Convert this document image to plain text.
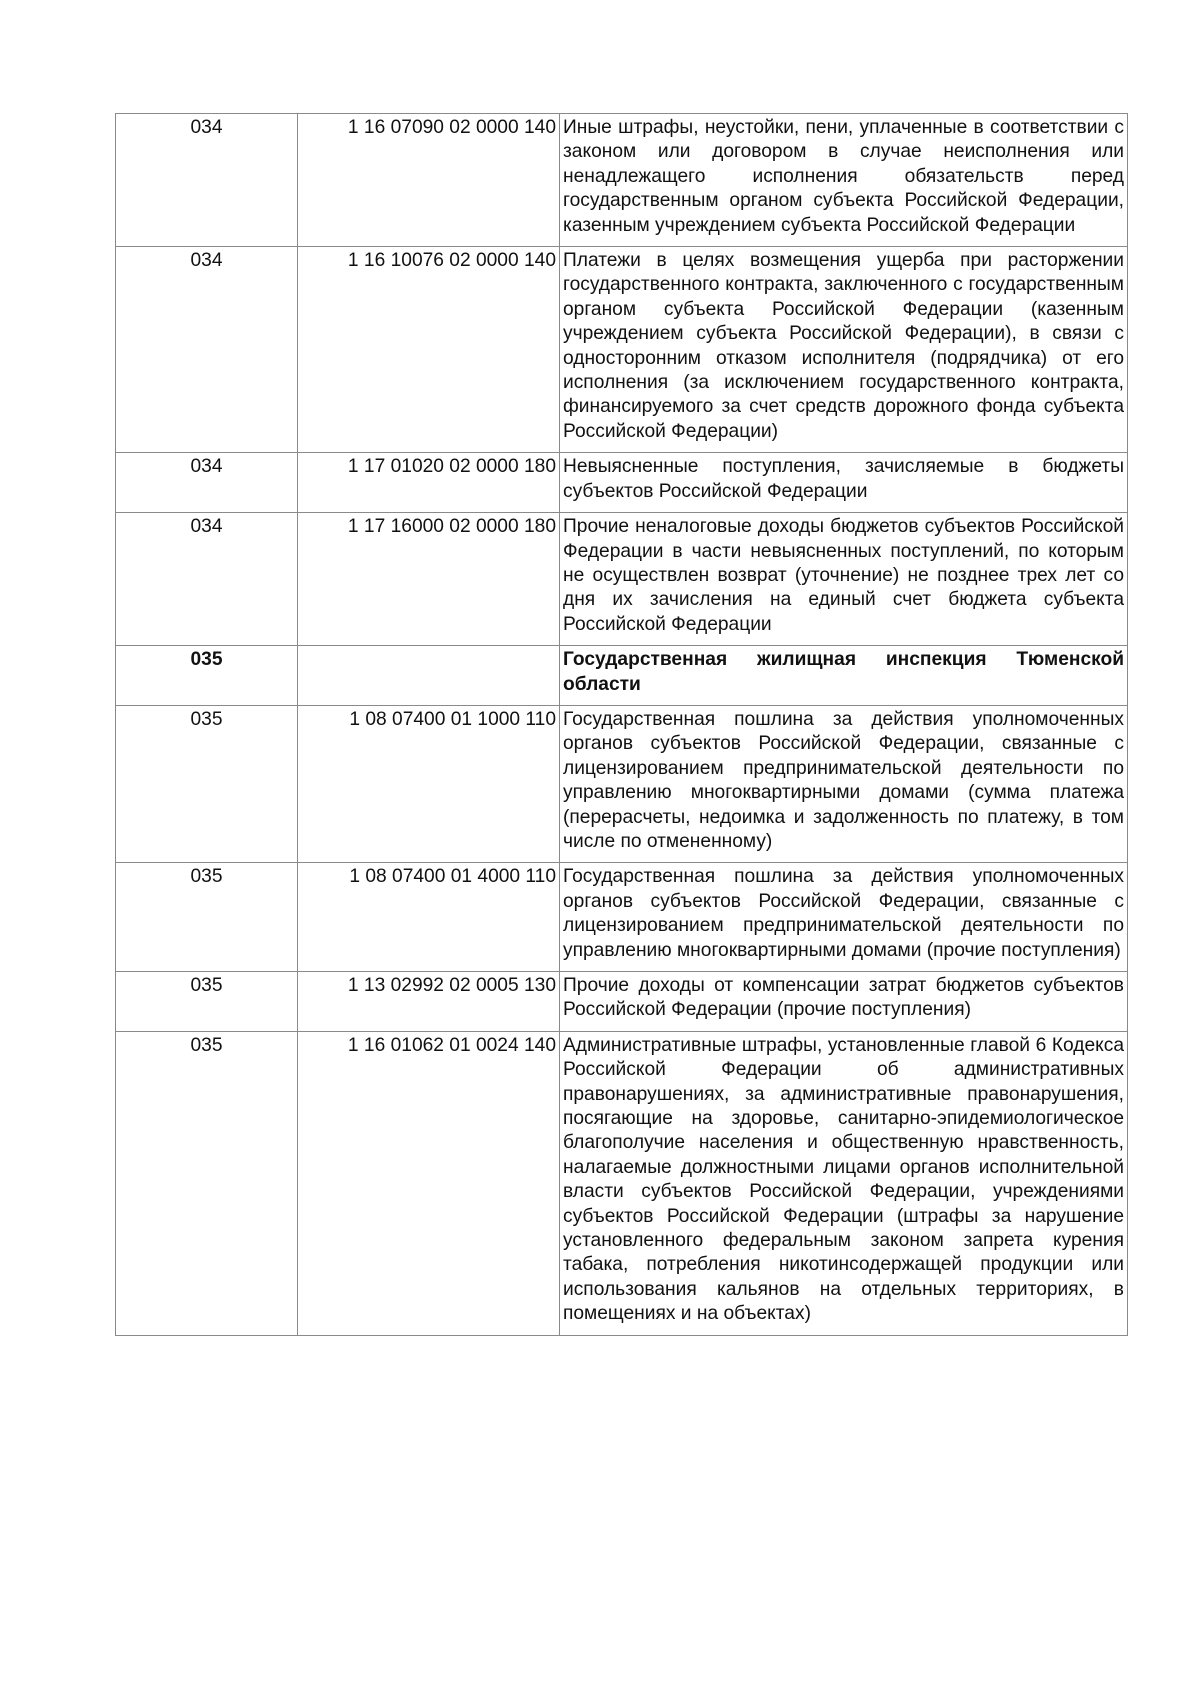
034	1 16 07090 02 0000 140	Иные штрафы, неустойки, пени, уплаченные в соответствии с законом или договором в случае неисполнения или ненадлежащего исполнения обязательств перед государственным органом субъекта Российской Федерации, казенным учреждением субъекта Российской Федерации
034	1 16 10076 02 0000 140	Платежи в целях возмещения ущерба при расторжении государственного контракта, заключенного с государственным органом субъекта Российской Федерации (казенным учреждением субъекта Российской Федерации), в связи с односторонним отказом исполнителя (подрядчика) от его исполнения (за исключением государственного контракта, финансируемого за счет средств дорожного фонда субъекта Российской Федерации)
034	1 17 01020 02 0000 180	Невыясненные поступления, зачисляемые в бюджеты субъектов Российской Федерации
034	1 17 16000 02 0000 180	Прочие неналоговые доходы бюджетов субъектов Российской Федерации в части невыясненных поступлений, по которым не осуществлен возврат (уточнение) не позднее трех лет со дня их зачисления на единый счет бюджета субъекта Российской Федерации
035		Государственная жилищная инспекция Тюменской области
035	1 08 07400 01 1000 110	Государственная пошлина за действия уполномоченных органов субъектов Российской Федерации, связанные с лицензированием предпринимательской деятельности по управлению многоквартирными домами (сумма платежа (перерасчеты, недоимка и задолженность по платежу, в том числе по отмененному)
035	1 08 07400 01 4000 110	Государственная пошлина за действия уполномоченных органов субъектов Российской Федерации, связанные с лицензированием предпринимательской деятельности по управлению многоквартирными домами (прочие поступления)
035	1 13 02992 02 0005 130	Прочие доходы от компенсации затрат бюджетов субъектов Российской Федерации (прочие поступления)
035	1 16 01062 01 0024 140	Административные штрафы, установленные главой 6 Кодекса Российской Федерации об административных правонарушениях, за административные правонарушения, посягающие на здоровье, санитарно-эпидемиологическое благополучие населения и общественную нравственность, налагаемые должностными лицами органов исполнительной власти субъектов Российской Федерации, учреждениями субъектов Российской Федерации (штрафы за нарушение установленного федеральным законом запрета курения табака, потребления никотинсодержащей продукции или использования кальянов на отдельных территориях, в помещениях и на объектах)
